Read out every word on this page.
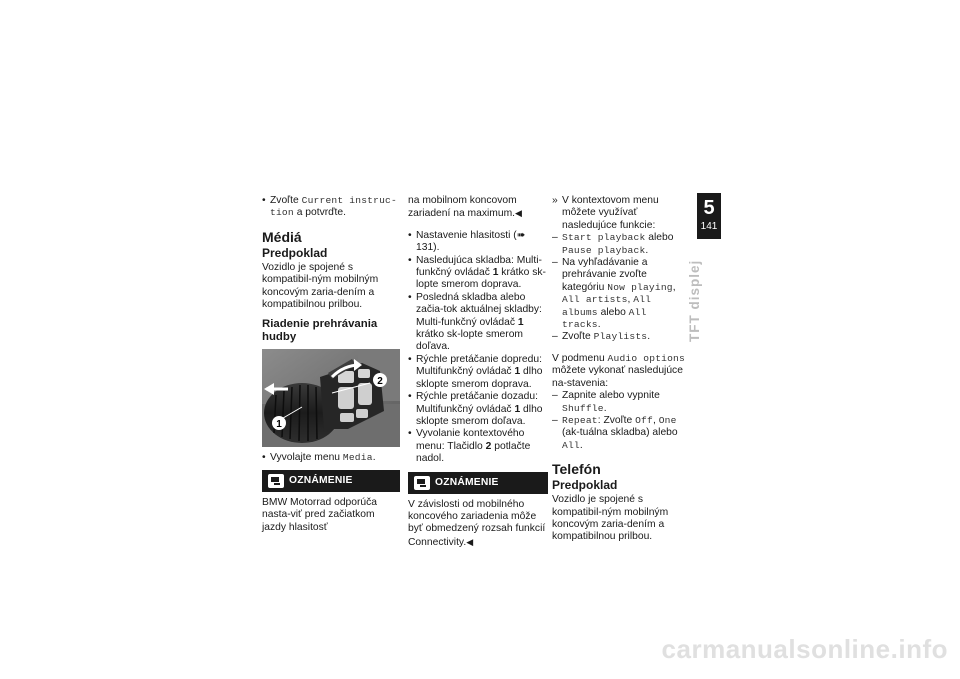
• Zvoľte Current instruc-tion a potvrďte.

Médiá
Predpoklad

Vozidlo je spojené s kompatibil-ným mobilným koncovým zaria-dením a kompatibilnou prilbou.

Riadenie prehrávania hudby
2
1

• Vyvolajte menu Media.

OZNÁMENIE

BMW Motorrad odporúča nasta-viť pred začiatkom jazdy hlasitosť

na mobilnom koncovom zariadení na maximum.◀

• Nastavenie hlasitosti (➠ 131).

• Nasledujúca skladba: Multi-funkčný ovládač 1 krátko sk-lopte smerom doprava.

• Posledná skladba alebo začia-tok aktuálnej skladby: Multi-funkčný ovládač 1 krátko sk-lopte smerom doľava.

• Rýchle pretáčanie dopredu: Multifunkčný ovládač 1 dlho sklopte smerom doprava.

• Rýchle pretáčanie dozadu: Multifunkčný ovládač 1 dlho sklopte smerom doľava.

• Vyvolanie kontextového menu: Tlačidlo 2 potlačte nadol.

OZNÁMENIE

V závislosti od mobilného koncového zariadenia môže byť obmedzený rozsah funkcií Connectivity.◀

» V kontextovom menu môžete využívať nasledujúce funkcie:

– Start playback alebo Pause playback.

– Na vyhľadávanie a prehrávanie zvoľte kategóriu Now playing, All artists, All albums alebo All tracks.

– Zvoľte Playlists.

V podmenu Audio options môžete vykonať nasledujúce na-stavenia:

– Zapnite alebo vypnite Shuffle.

– Repeat: Zvoľte Off, One (ak-tuálna skladba) alebo All.

Telefón
Predpoklad

Vozidlo je spojené s kompatibil-ným mobilným koncovým zaria-dením a kompatibilnou prilbou.

5
141
TFT displej
carmanualsonline.info
